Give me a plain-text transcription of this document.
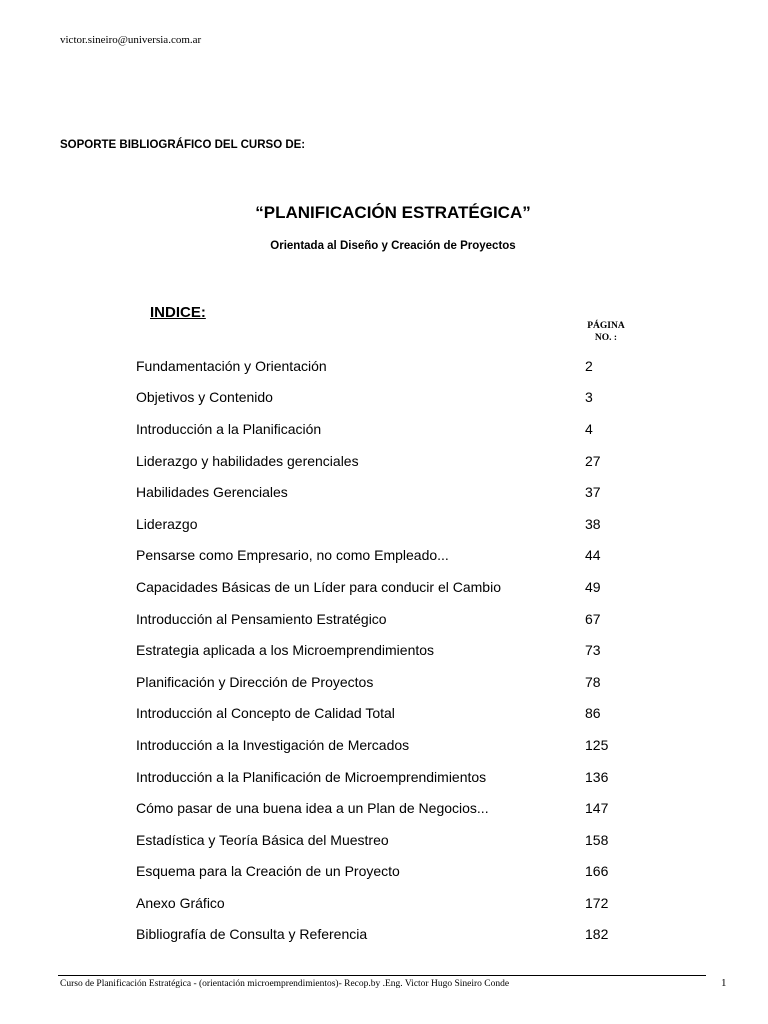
victor.sineiro@universia.com.ar
SOPORTE BIBLIOGRÁFICO DEL CURSO DE:
“PLANIFICACIÓN ESTRATÉGICA”
Orientada al Diseño y Creación de Proyectos
INDICE:
PÁGINA
NO. :
Fundamentación y Orientación	2
Objetivos y Contenido	3
Introducción a la Planificación	4
Liderazgo y habilidades gerenciales	27
Habilidades Gerenciales	37
Liderazgo	38
Pensarse como Empresario, no como Empleado...	44
Capacidades Básicas de un Líder para conducir el Cambio	49
Introducción al Pensamiento Estratégico	67
Estrategia aplicada a los Microemprendimientos	73
Planificación y Dirección de Proyectos	78
Introducción al Concepto de Calidad Total	86
Introducción a la Investigación de Mercados	125
Introducción a la Planificación de Microemprendimientos	136
Cómo pasar de una buena idea a un Plan de Negocios...	147
Estadística y Teoría Básica del Muestreo	158
Esquema para la Creación de un Proyecto	166
Anexo Gráfico	172
Bibliografía de Consulta y Referencia	182
Curso de Planificación Estratégica - (orientación microemprendimientos)- Recop.by .Eng. Victor Hugo Sineiro Conde	1
